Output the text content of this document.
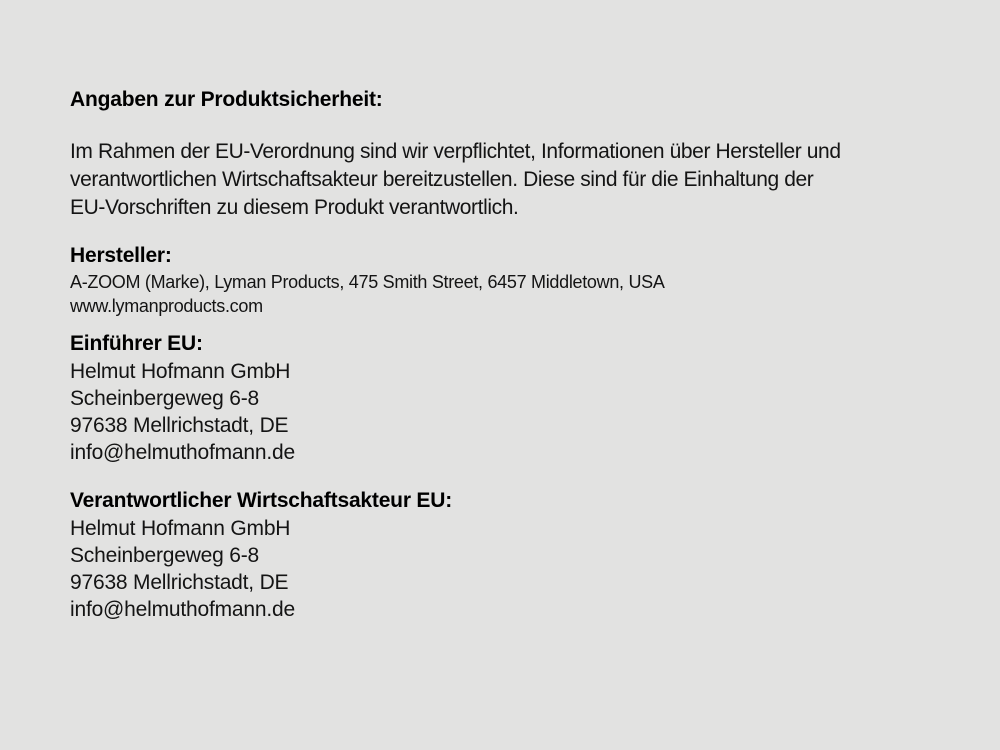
Angaben zur Produktsicherheit:
Im Rahmen der EU-Verordnung sind wir verpflichtet, Informationen über Hersteller und
verantwortlichen Wirtschaftsakteur bereitzustellen. Diese sind für die Einhaltung der
EU-Vorschriften zu diesem Produkt verantwortlich.
Hersteller:
A-ZOOM (Marke), Lyman Products, 475 Smith Street, 6457 Middletown, USA
www.lymanproducts.com
Einführer EU:
Helmut Hofmann GmbH
Scheinbergeweg 6-8
97638 Mellrichstadt, DE
info@helmuthofmann.de
Verantwortlicher Wirtschaftsakteur EU:
Helmut Hofmann GmbH
Scheinbergeweg 6-8
97638 Mellrichstadt, DE
info@helmuthofmann.de
